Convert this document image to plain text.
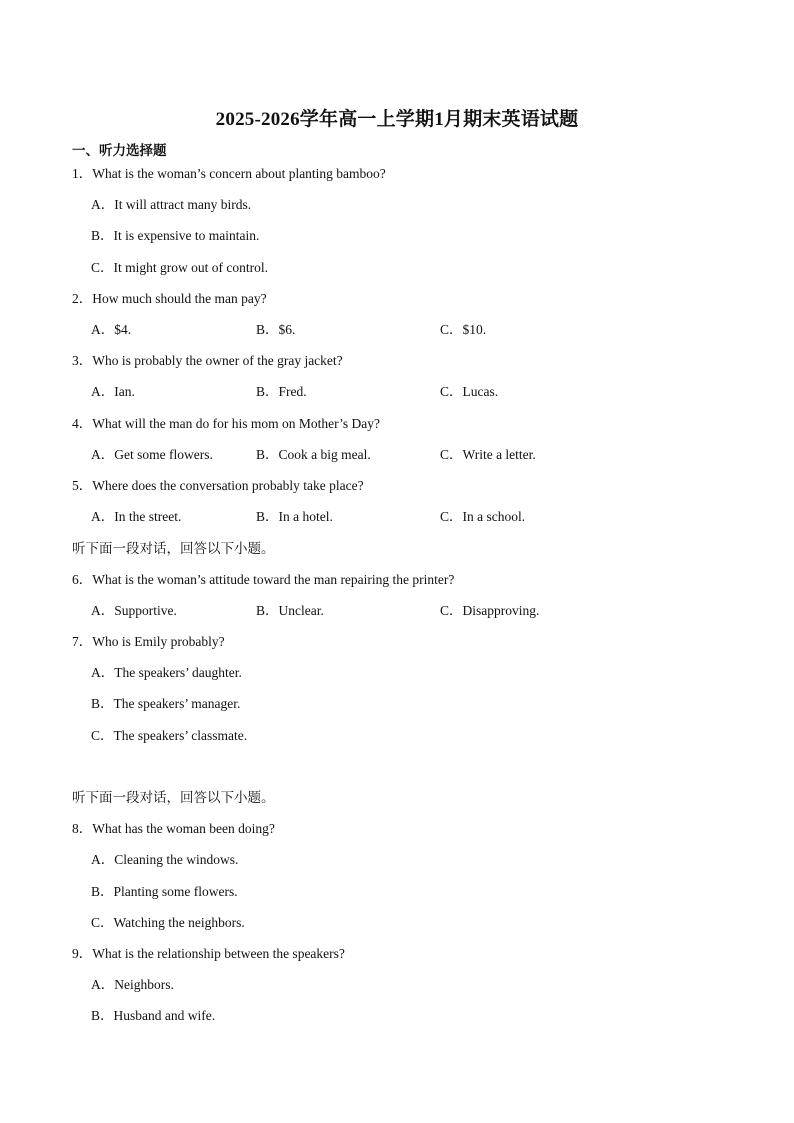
2025-2026学年高一上学期1月期末英语试题
一、听力选择题
1．What is the woman’s concern about planting bamboo?
A．It will attract many birds.
B．It is expensive to maintain.
C．It might grow out of control.
2．How much should the man pay?
A．$4.	B．$6.	C．$10.
3．Who is probably the owner of the gray jacket?
A．Ian.	B．Fred.	C．Lucas.
4．What will the man do for his mom on Mother’s Day?
A．Get some flowers.	B．Cook a big meal.	C．Write a letter.
5．Where does the conversation probably take place?
A．In the street.	B．In a hotel.	C．In a school.
听下面一段对话，回答以下小题。
6．What is the woman’s attitude toward the man repairing the printer?
A．Supportive.	B．Unclear.	C．Disapproving.
7．Who is Emily probably?
A．The speakers’ daughter.
B．The speakers’ manager.
C．The speakers’ classmate.
听下面一段对话，回答以下小题。
8．What has the woman been doing?
A．Cleaning the windows.
B．Planting some flowers.
C．Watching the neighbors.
9．What is the relationship between the speakers?
A．Neighbors.
B．Husband and wife.
